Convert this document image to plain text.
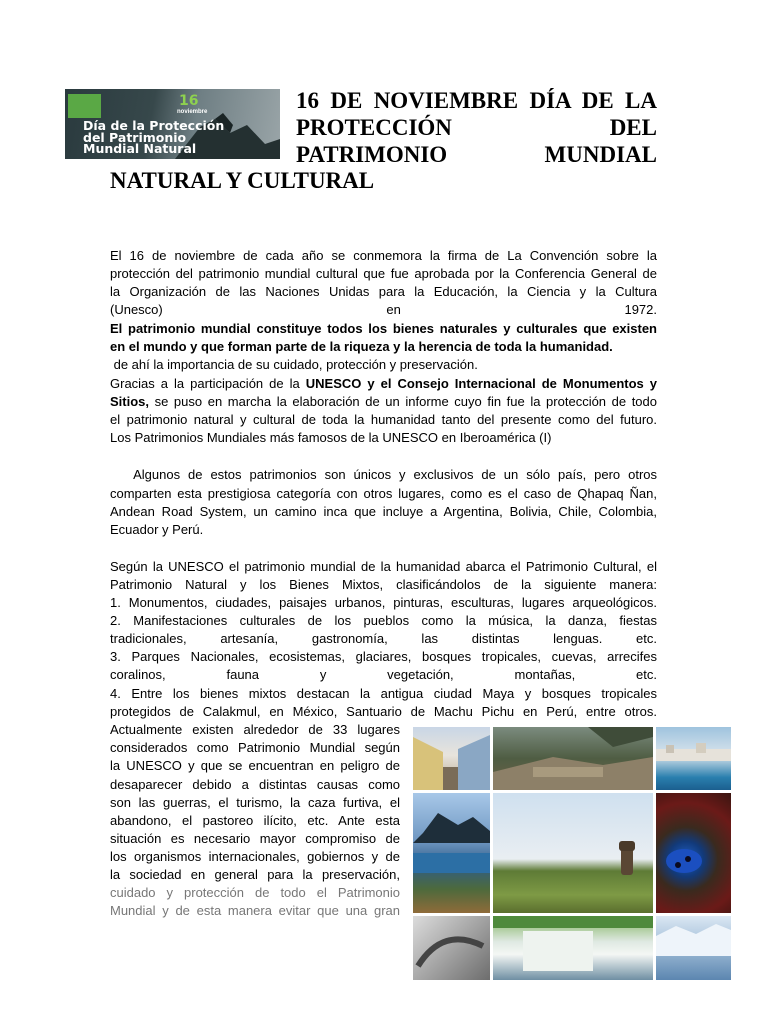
16
noviembre
Día de la Protección
del Patrimonio
Mundial Natural
16 DE NOVIEMBRE DÍA DE LA
PROTECCIÓN DEL
PATRIMONIO MUNDIAL
NATURAL Y CULTURAL
El 16 de noviembre de cada año se conmemora la firma de La Convención sobre la
protección del patrimonio mundial cultural que fue aprobada por la Conferencia General de
la Organización de las Naciones Unidas para la Educación, la Ciencia y la Cultura
(Unesco) en 1972.
El patrimonio mundial constituye todos los bienes naturales y culturales que existen
en el mundo y que forman parte de la riqueza y la herencia de toda la humanidad.
de ahí la importancia de su cuidado, protección y preservación.
Gracias a la participación de la UNESCO y el Consejo Internacional de Monumentos y
Sitios, se puso en marcha la elaboración de un informe cuyo fin fue la protección de todo
el patrimonio natural y cultural de toda la humanidad tanto del presente como del futuro.
Los Patrimonios Mundiales más famosos de la UNESCO en Iberoamérica (I)
Algunos de estos patrimonios son únicos y exclusivos de un sólo país, pero otros
comparten esta prestigiosa categoría con otros lugares, como es el caso de Qhapaq Ñan,
Andean Road System, un camino inca que incluye a Argentina, Bolivia, Chile, Colombia,
Ecuador y Perú.
Según la UNESCO el patrimonio mundial de la humanidad abarca el Patrimonio Cultural, el
Patrimonio Natural y los Bienes Mixtos, clasificándolos de la siguiente manera:
1. Monumentos, ciudades, paisajes urbanos, pinturas, esculturas, lugares arqueológicos.
2. Manifestaciones culturales de los pueblos como la música, la danza, fiestas
tradicionales, artesanía, gastronomía, las distintas lenguas. etc.
3. Parques Nacionales, ecosistemas, glaciares, bosques tropicales, cuevas, arrecifes
coralinos, fauna y vegetación, montañas, etc.
4. Entre los bienes mixtos destacan la antigua ciudad Maya y bosques tropicales
protegidos de Calakmul, en México, Santuario de Machu Pichu en Perú, entre otros.
Actualmente existen alrededor de 33 lugares
considerados como Patrimonio Mundial según
la UNESCO y que se encuentran en peligro de
desaparecer debido a distintas causas como
son las guerras, el turismo, la caza furtiva, el
abandono, el pastoreo ilícito, etc. Ante esta
situación es necesario mayor compromiso de
los organismos internacionales, gobiernos y de
la sociedad en general para la preservación,
cuidado y protección de todo el Patrimonio
Mundial y de esta manera evitar que una gran
